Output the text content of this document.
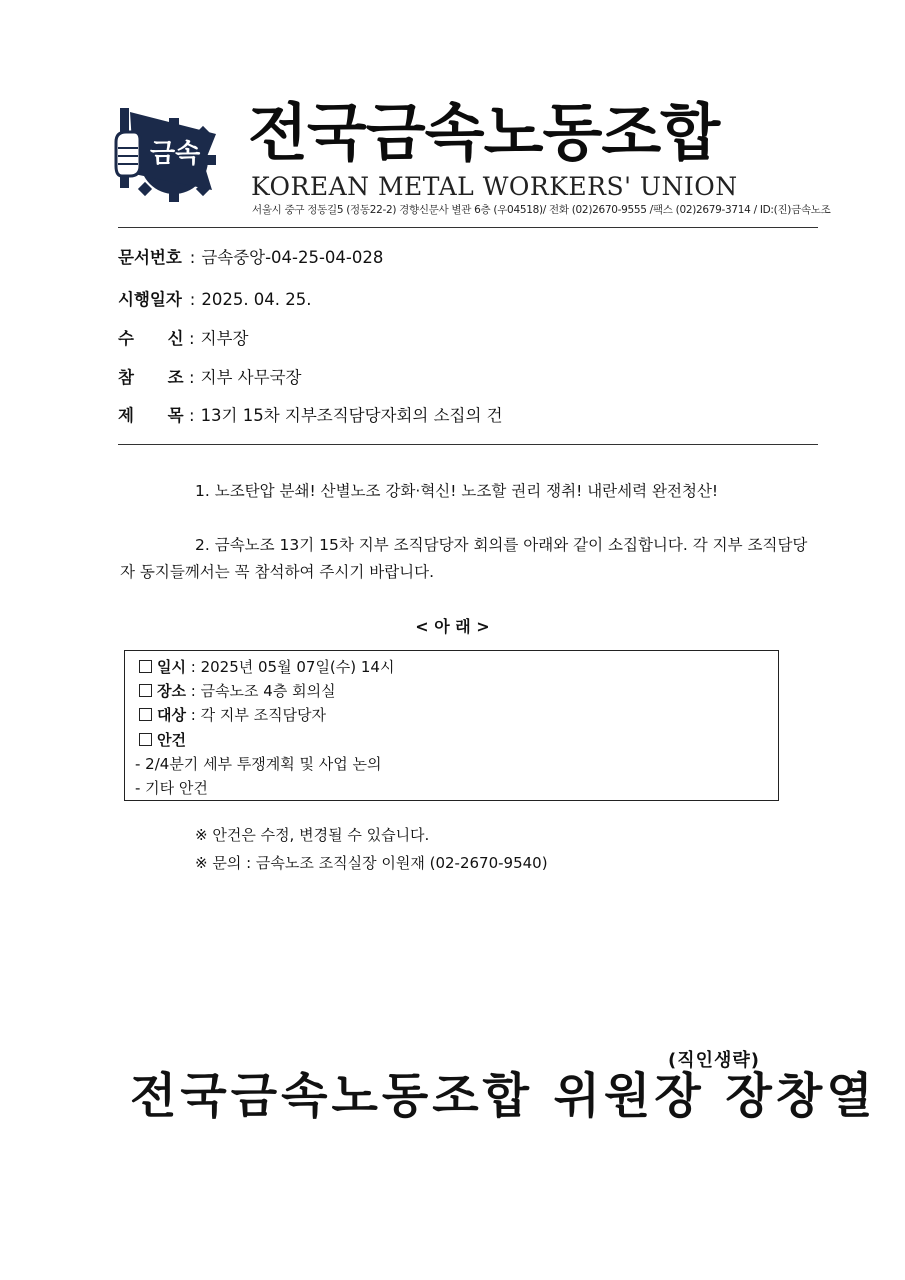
금속 전국금속노동조합
KOREAN METAL WORKERS' UNION
서울시 중구 정동길5 (정동22-2) 경향신문사 별관 6층 (우04518)/ 전화 (02)2670-9555 /팩스 (02)2679-3714 / ID:(진)금속노조
문서번호 : 금속중앙-04-25-04-028
시행일자 : 2025. 04. 25.
수 신 : 지부장
참 조 : 지부 사무국장
제 목 : 13기 15차 지부조직담당자회의 소집의 건
1. 노조탄압 분쇄! 산별노조 강화·혁신! 노조할 권리 쟁취! 내란세력 완전청산!
2. 금속노조 13기 15차 지부 조직담당자 회의를 아래와 같이 소집합니다. 각 지부 조직담당
자 동지들께서는 꼭 참석하여 주시기 바랍니다.
< 아 래 >
일시 : 2025년 05월 07일(수) 14시
장소 : 금속노조 4층 회의실
대상 : 각 지부 조직담당자
안건
- 2/4분기 세부 투쟁계획 및 사업 논의
- 기타 안건
※ 안건은 수정, 변경될 수 있습니다.
※ 문의 : 금속노조 조직실장 이원재 (02-2670-9540)
(직인생략)
전국금속노동조합 위원장 장창열
